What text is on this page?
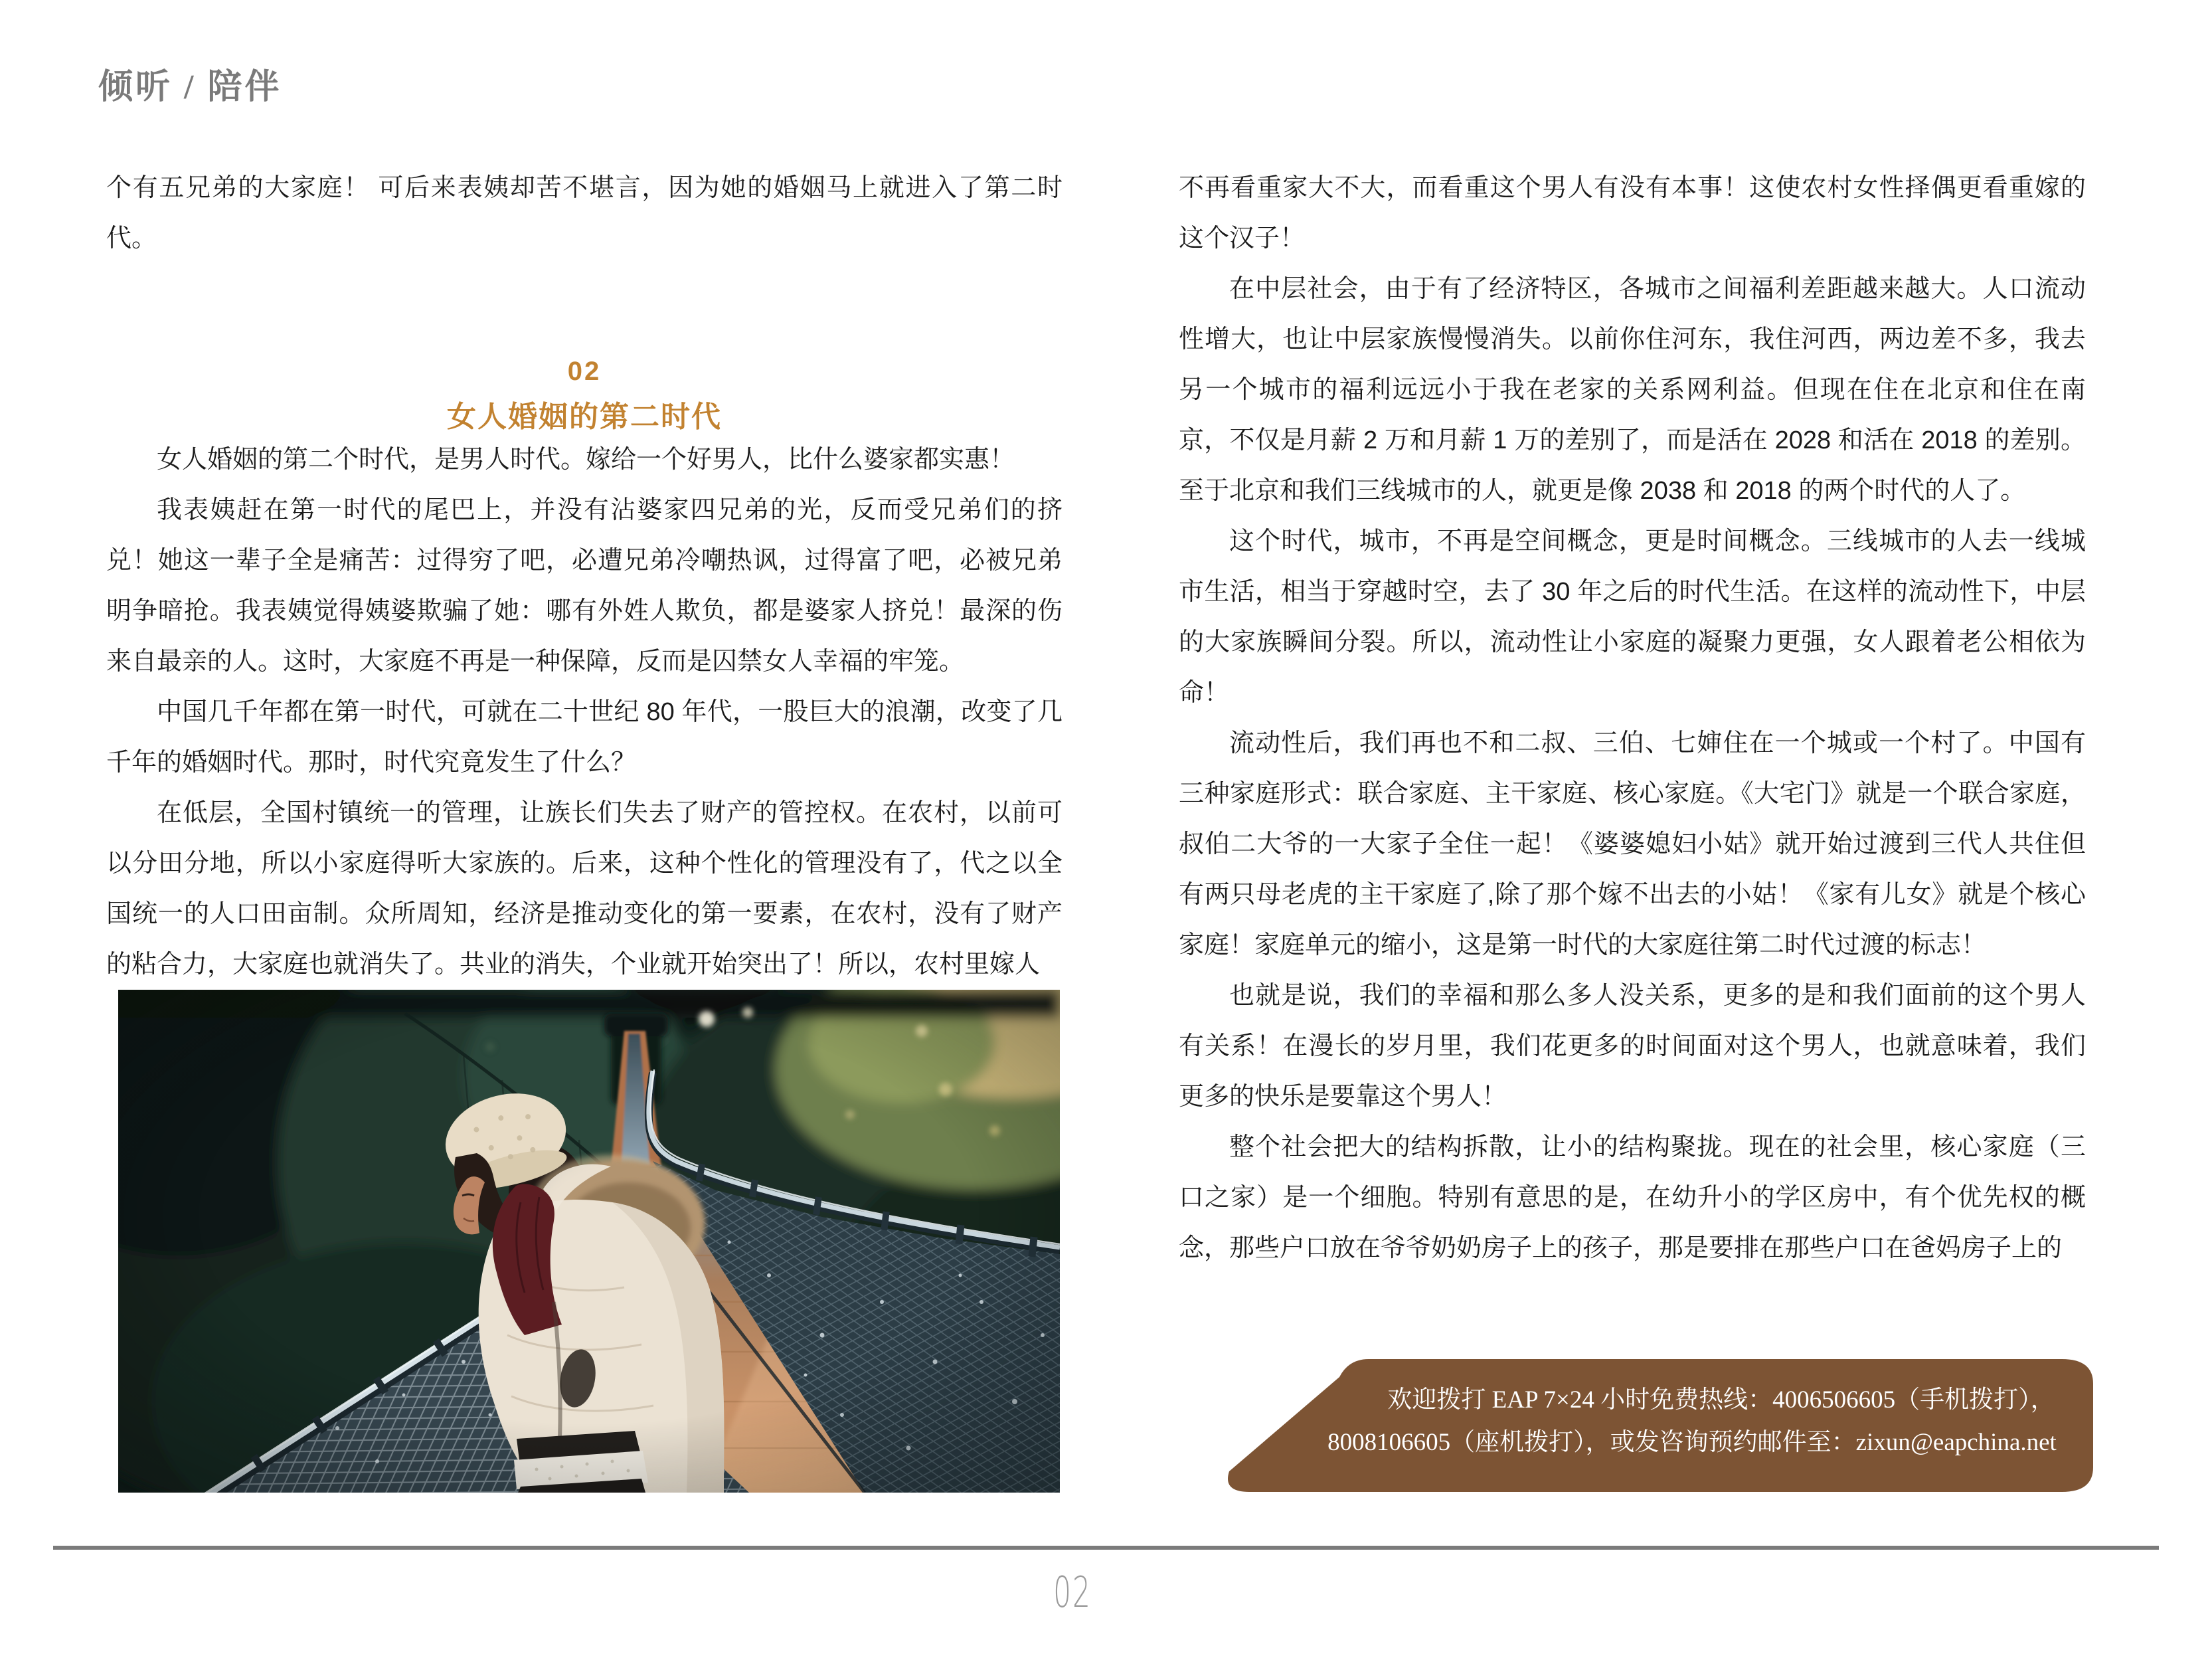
倾听 / 陪伴

个有五兄弟的大家庭！ 可后来表姨却苦不堪言，因为她的婚姻马上就进入了第二时代。

02
女人婚姻的第二时代

女人婚姻的第二个时代，是男人时代。嫁给一个好男人，比什么婆家都实惠！

我表姨赶在第一时代的尾巴上，并没有沾婆家四兄弟的光，反而受兄弟们的挤兑！她这一辈子全是痛苦：过得穷了吧，必遭兄弟冷嘲热讽，过得富了吧，必被兄弟明争暗抢。我表姨觉得姨婆欺骗了她：哪有外姓人欺负，都是婆家人挤兑！最深的伤来自最亲的人。这时，大家庭不再是一种保障，反而是囚禁女人幸福的牢笼。

中国几千年都在第一时代，可就在二十世纪 80 年代，一股巨大的浪潮，改变了几千年的婚姻时代。那时，时代究竟发生了什么？

在低层，全国村镇统一的管理，让族长们失去了财产的管控权。在农村，以前可以分田分地，所以小家庭得听大家族的。后来，这种个性化的管理没有了，代之以全国统一的人口田亩制。众所周知，经济是推动变化的第一要素，在农村，没有了财产的粘合力，大家庭也就消失了。共业的消失，个业就开始突出了！所以，农村里嫁人

不再看重家大不大，而看重这个男人有没有本事！这使农村女性择偶更看重嫁的这个汉子！

在中层社会，由于有了经济特区，各城市之间福利差距越来越大。人口流动性增大，也让中层家族慢慢消失。以前你住河东，我住河西，两边差不多，我去另一个城市的福利远远小于我在老家的关系网利益。但现在住在北京和住在南京，不仅是月薪 2 万和月薪 1 万的差别了，而是活在 2028 和活在 2018 的差别。至于北京和我们三线城市的人，就更是像 2038 和 2018 的两个时代的人了。

这个时代，城市，不再是空间概念，更是时间概念。三线城市的人去一线城市生活，相当于穿越时空，去了 30 年之后的时代生活。在这样的流动性下，中层的大家族瞬间分裂。所以，流动性让小家庭的凝聚力更强，女人跟着老公相依为命！

流动性后，我们再也不和二叔、三伯、七婶住在一个城或一个村了。中国有三种家庭形式：联合家庭、主干家庭、核心家庭。《大宅门》就是一个联合家庭，叔伯二大爷的一大家子全住一起！《婆婆媳妇小姑》就开始过渡到三代人共住但有两只母老虎的主干家庭了,除了那个嫁不出去的小姑！《家有儿女》就是个核心家庭！家庭单元的缩小，这是第一时代的大家庭往第二时代过渡的标志！

也就是说，我们的幸福和那么多人没关系，更多的是和我们面前的这个男人有关系！在漫长的岁月里，我们花更多的时间面对这个男人，也就意味着，我们更多的快乐是要靠这个男人！

整个社会把大的结构拆散，让小的结构聚拢。现在的社会里，核心家庭（三口之家）是一个细胞。特别有意思的是，在幼升小的学区房中，有个优先权的概念，那些户口放在爷爷奶奶房子上的孩子，那是要排在那些户口在爸妈房子上的

欢迎拨打 EAP 7×24 小时免费热线：4006506605（手机拨打），
8008106605（座机拨打），或发咨询预约邮件至：zixun@eapchina.net
02
